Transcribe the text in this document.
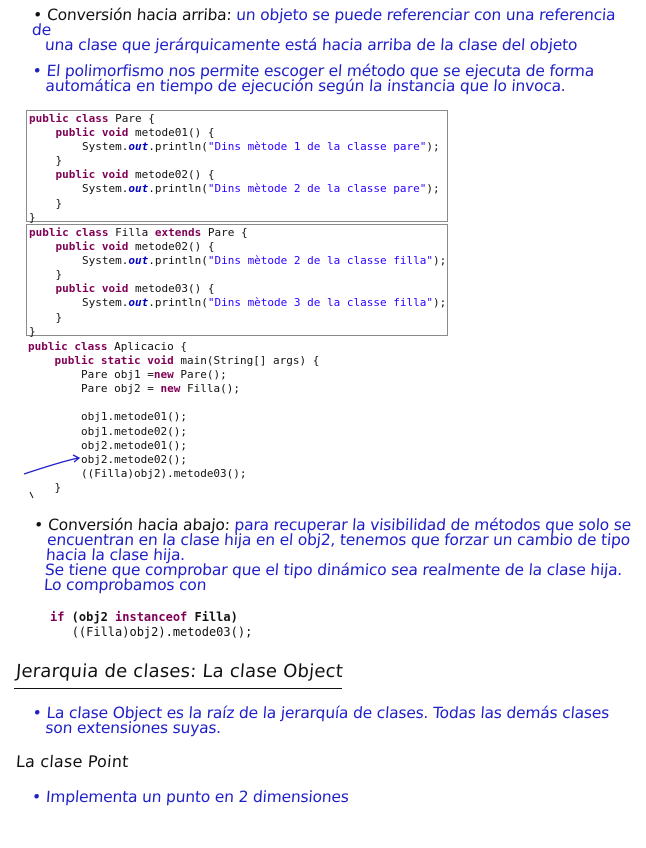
• Conversión hacia arriba: un objeto se puede referenciar con una referencia de
una clase que jerárquicamente está hacia arriba de la clase del objeto
• El polimorfismo nos permite escoger el método que se ejecuta de forma
automática en tiempo de ejecución según la instancia que lo invoca.
public class Pare {
public void metode01() {
System.out.println("Dins mètode 1 de la classe pare");
}
public void metode02() {
System.out.println("Dins mètode 2 de la classe pare");
}
}
public class Filla extends Pare {
public void metode02() {
System.out.println("Dins mètode 2 de la classe filla");
}
public void metode03() {
System.out.println("Dins mètode 3 de la classe filla");
}
}
public class Aplicacio {
public static void main(String[] args) {
Pare obj1 =new Pare();
Pare obj2 = new Filla();

obj1.metode01();
obj1.metode02();
obj2.metode01();
obj2.metode02();
((Filla)obj2).metode03();
}

• Conversión hacia abajo: para recuperar la visibilidad de métodos que solo se
encuentran en la clase hija en el obj2, tenemos que forzar un cambio de tipo
hacia la clase hija.
Se tiene que comprobar que el tipo dinámico sea realmente de la clase hija.
Lo comprobamos con
if (obj2 instanceof Filla)
((Filla)obj2).metode03();
Jerarquia de clases: La clase Object
• La clase Object es la raíz de la jerarquía de clases. Todas las demás clases
son extensiones suyas.
La clase Point
• Implementa un punto en 2 dimensiones
